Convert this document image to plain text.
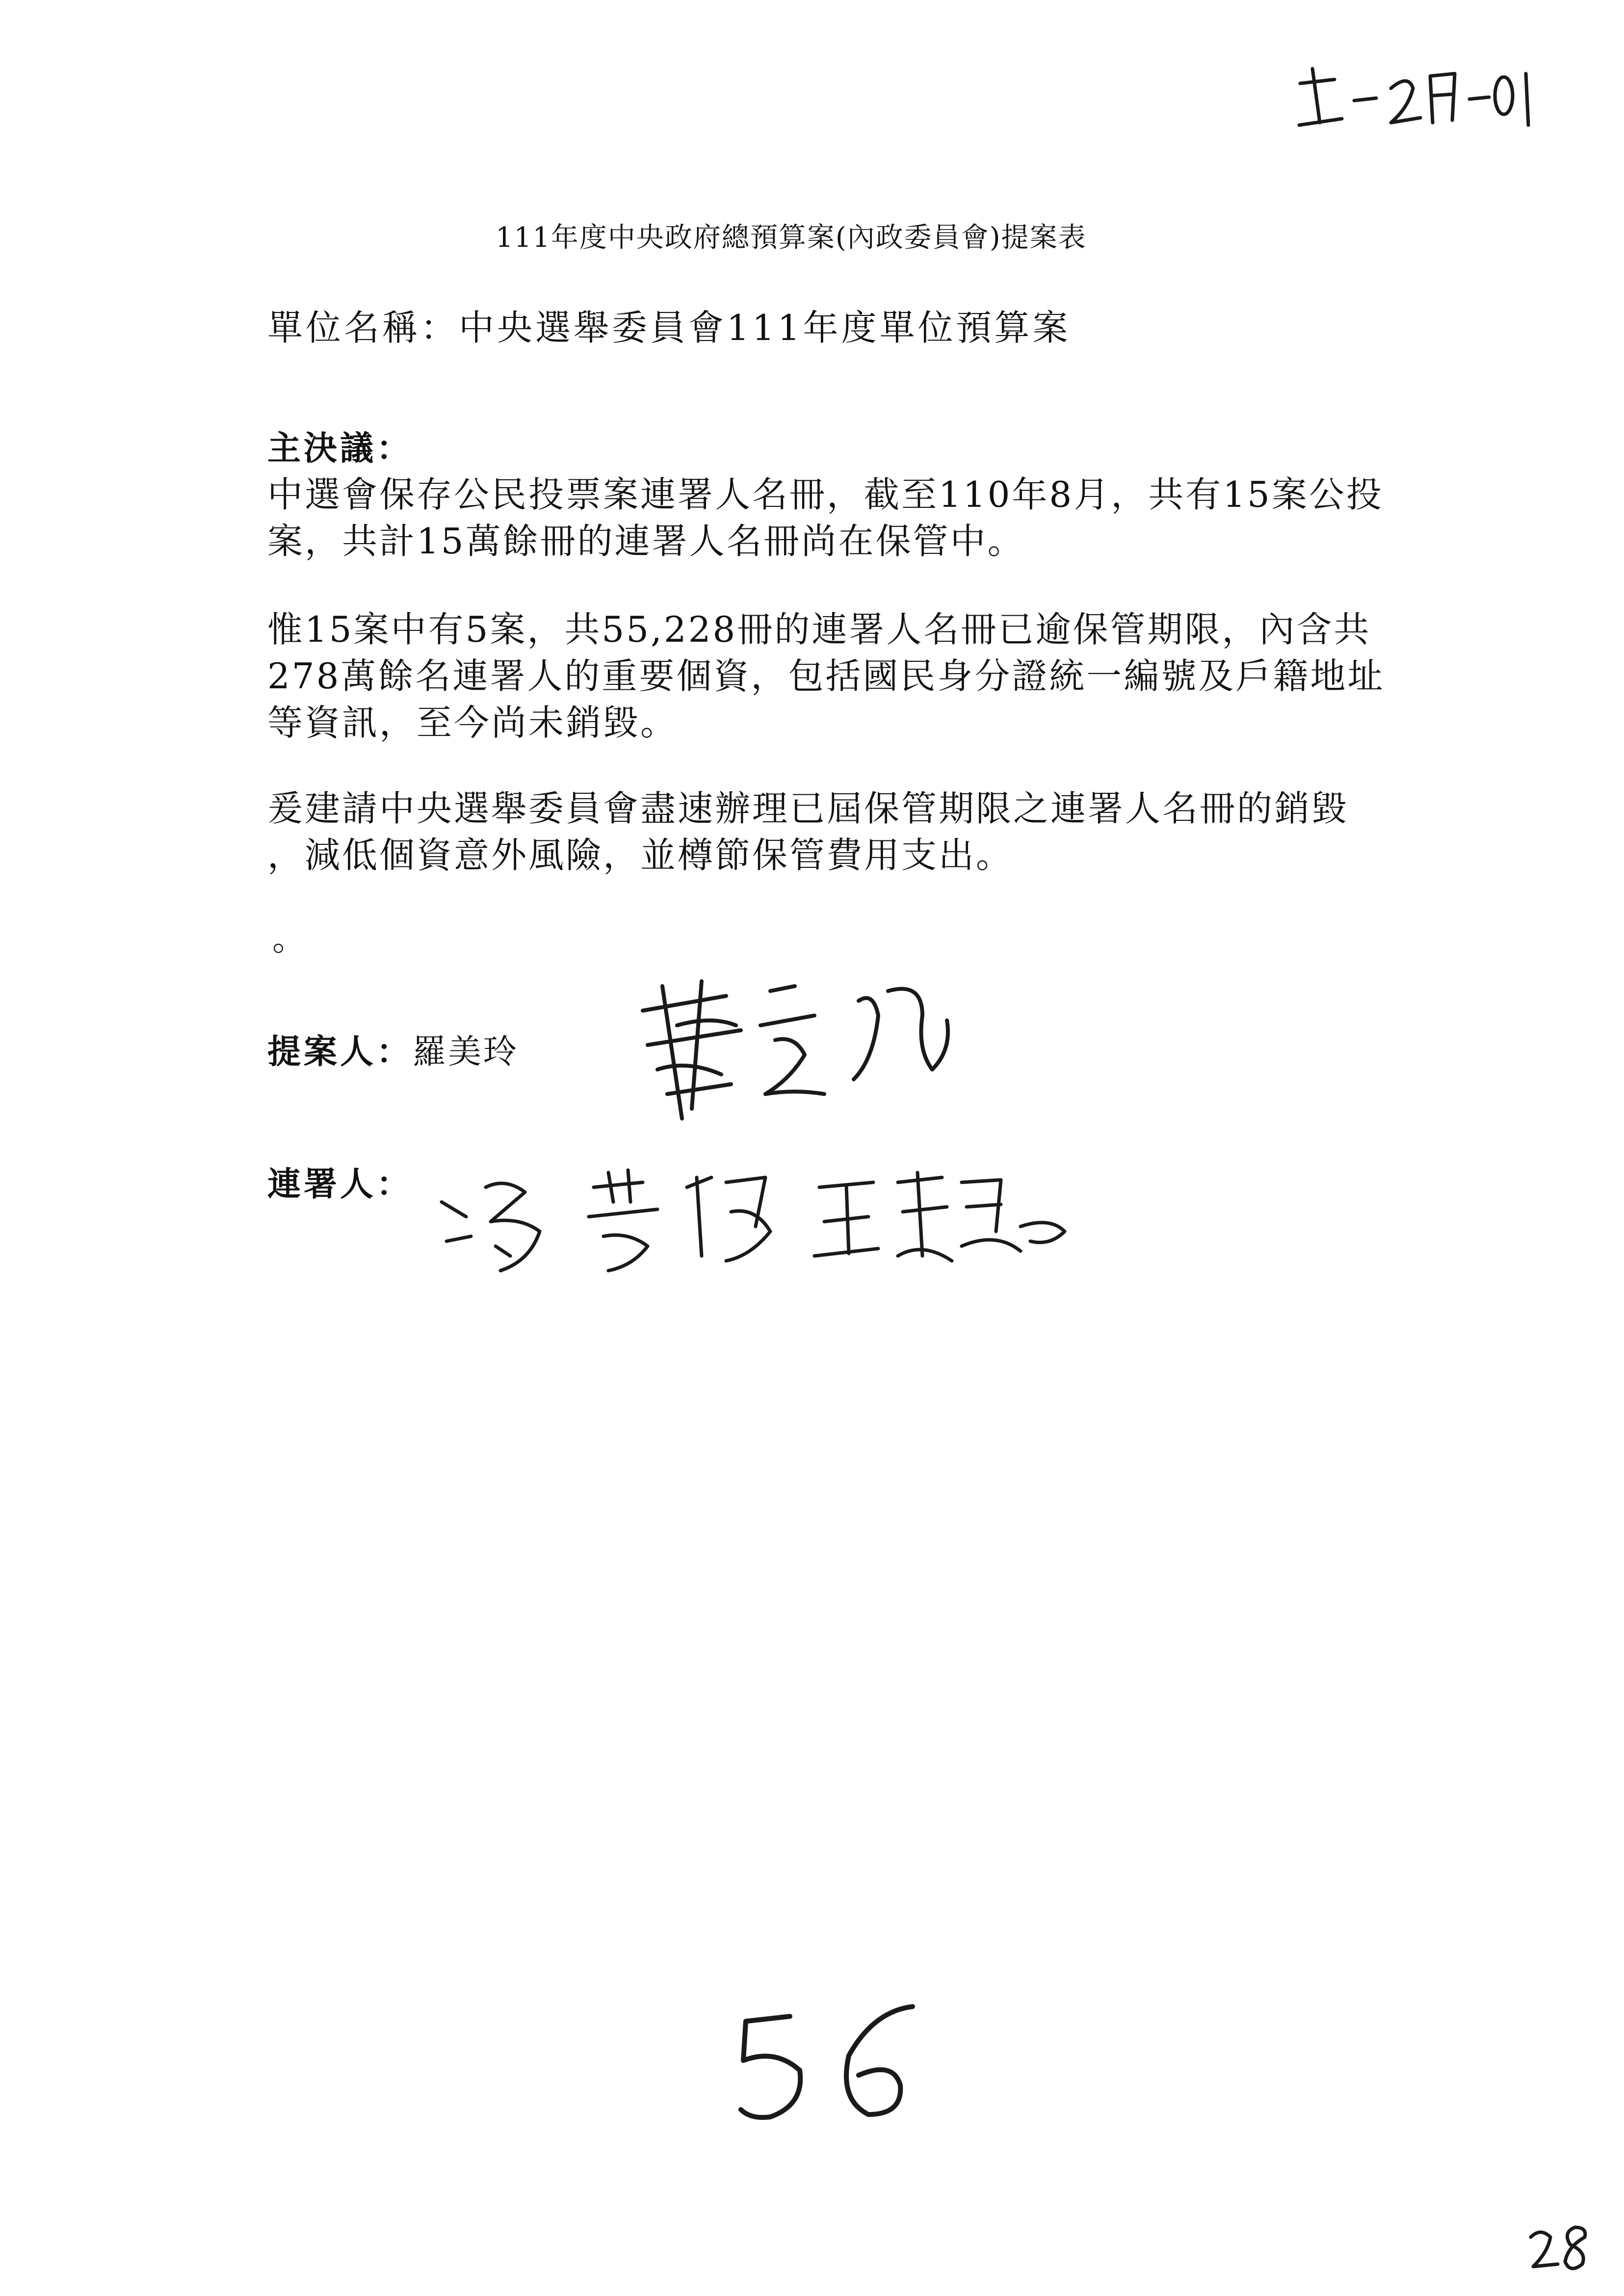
111年度中央政府總預算案(內政委員會)提案表
單位名稱：中央選舉委員會111年度單位預算案
主決議：
中選會保存公民投票案連署人名冊，截至110年8月，共有15案公投
案，共計15萬餘冊的連署人名冊尚在保管中。
惟15案中有5案，共55,228冊的連署人名冊已逾保管期限，內含共
278萬餘名連署人的重要個資，包括國民身分證統一編號及戶籍地址
等資訊，至今尚未銷毀。
爰建請中央選舉委員會盡速辦理已屆保管期限之連署人名冊的銷毀
，減低個資意外風險，並樽節保管費用支出。
。
提案人：羅美玲
連署人：
